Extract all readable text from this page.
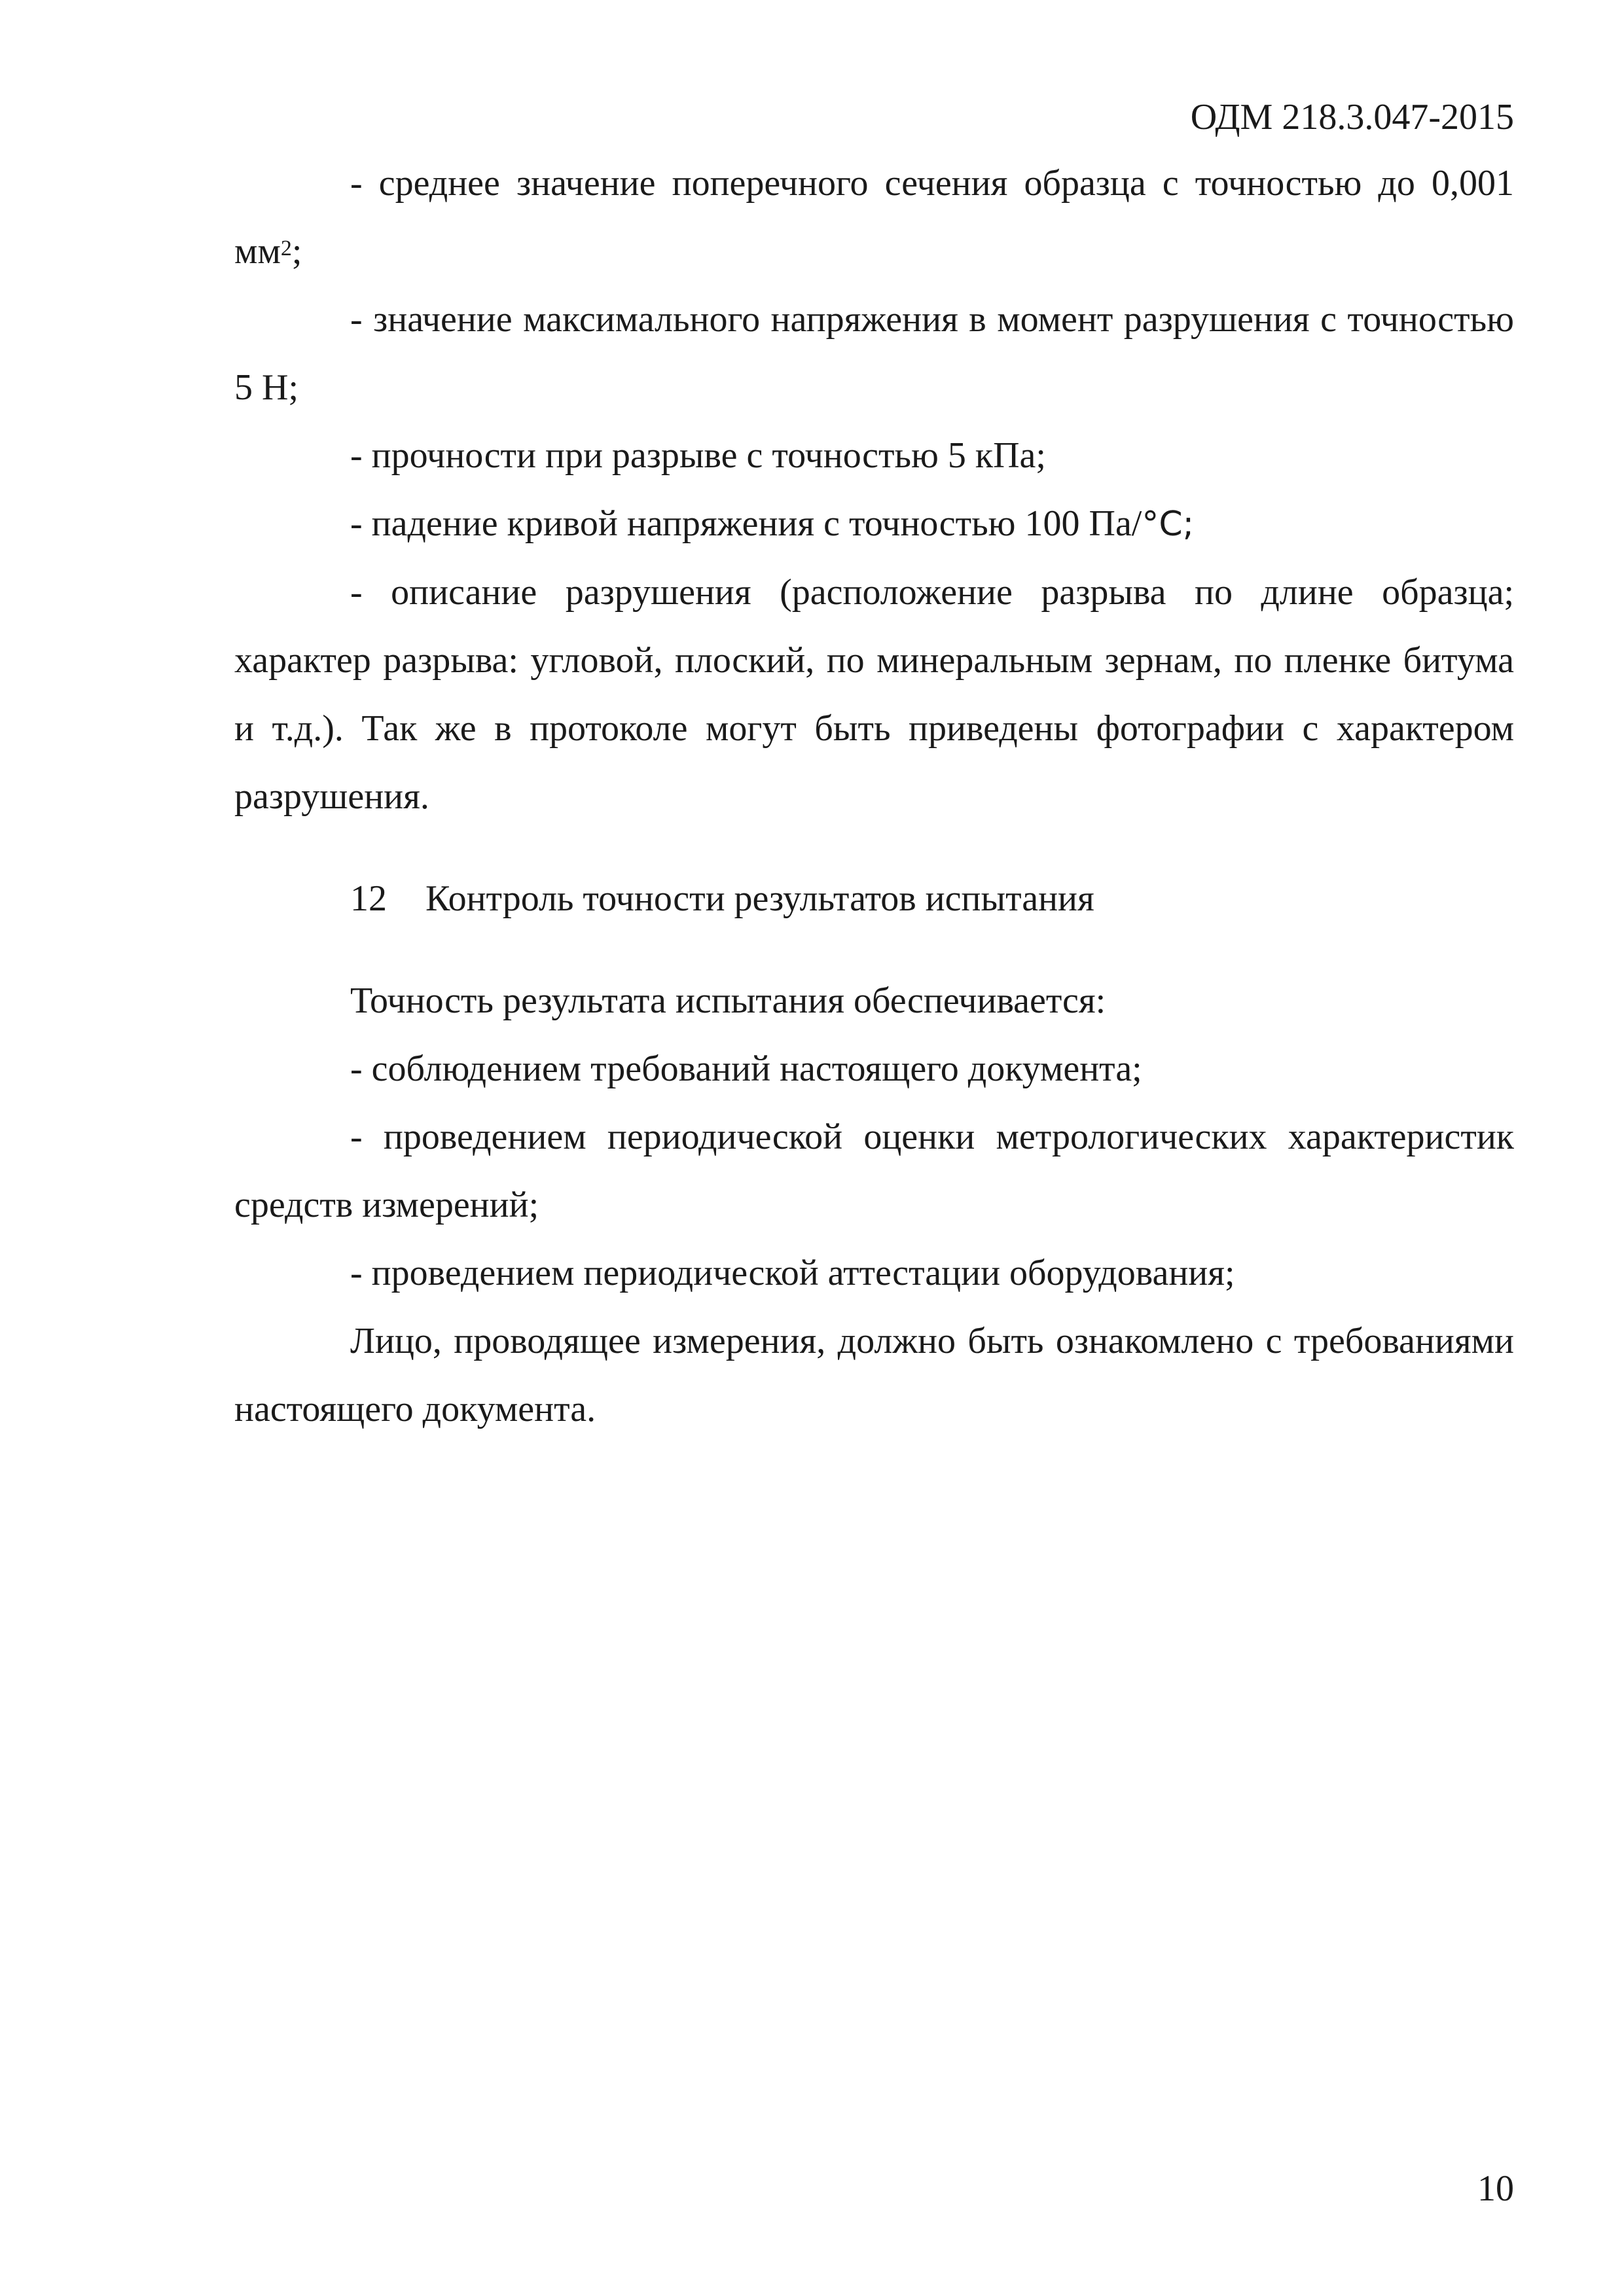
ОДМ 218.3.047-2015

- среднее значение поперечного сечения образца с точностью до 0,001 $мм^2$;

- значение максимального напряжения в момент разрушения с точностью 5 Н;

- прочности при разрыве с точностью 5 кПа;

- падение кривой напряжения с точностью 100 Па/°C;

- описание разрушения (расположение разрыва по длине образца; характер разрыва: угловой, плоский, по минеральным зернам, по пленке битума и т.д.). Так же в протоколе могут быть приведены фотографии с характером разрушения.

12 Контроль точности результатов испытания

Точность результата испытания обеспечивается:

- соблюдением требований настоящего документа;

- проведением периодической оценки метрологических характеристик средств измерений;

- проведением периодической аттестации оборудования;

Лицо, проводящее измерения, должно быть ознакомлено с требованиями настоящего документа.

10
